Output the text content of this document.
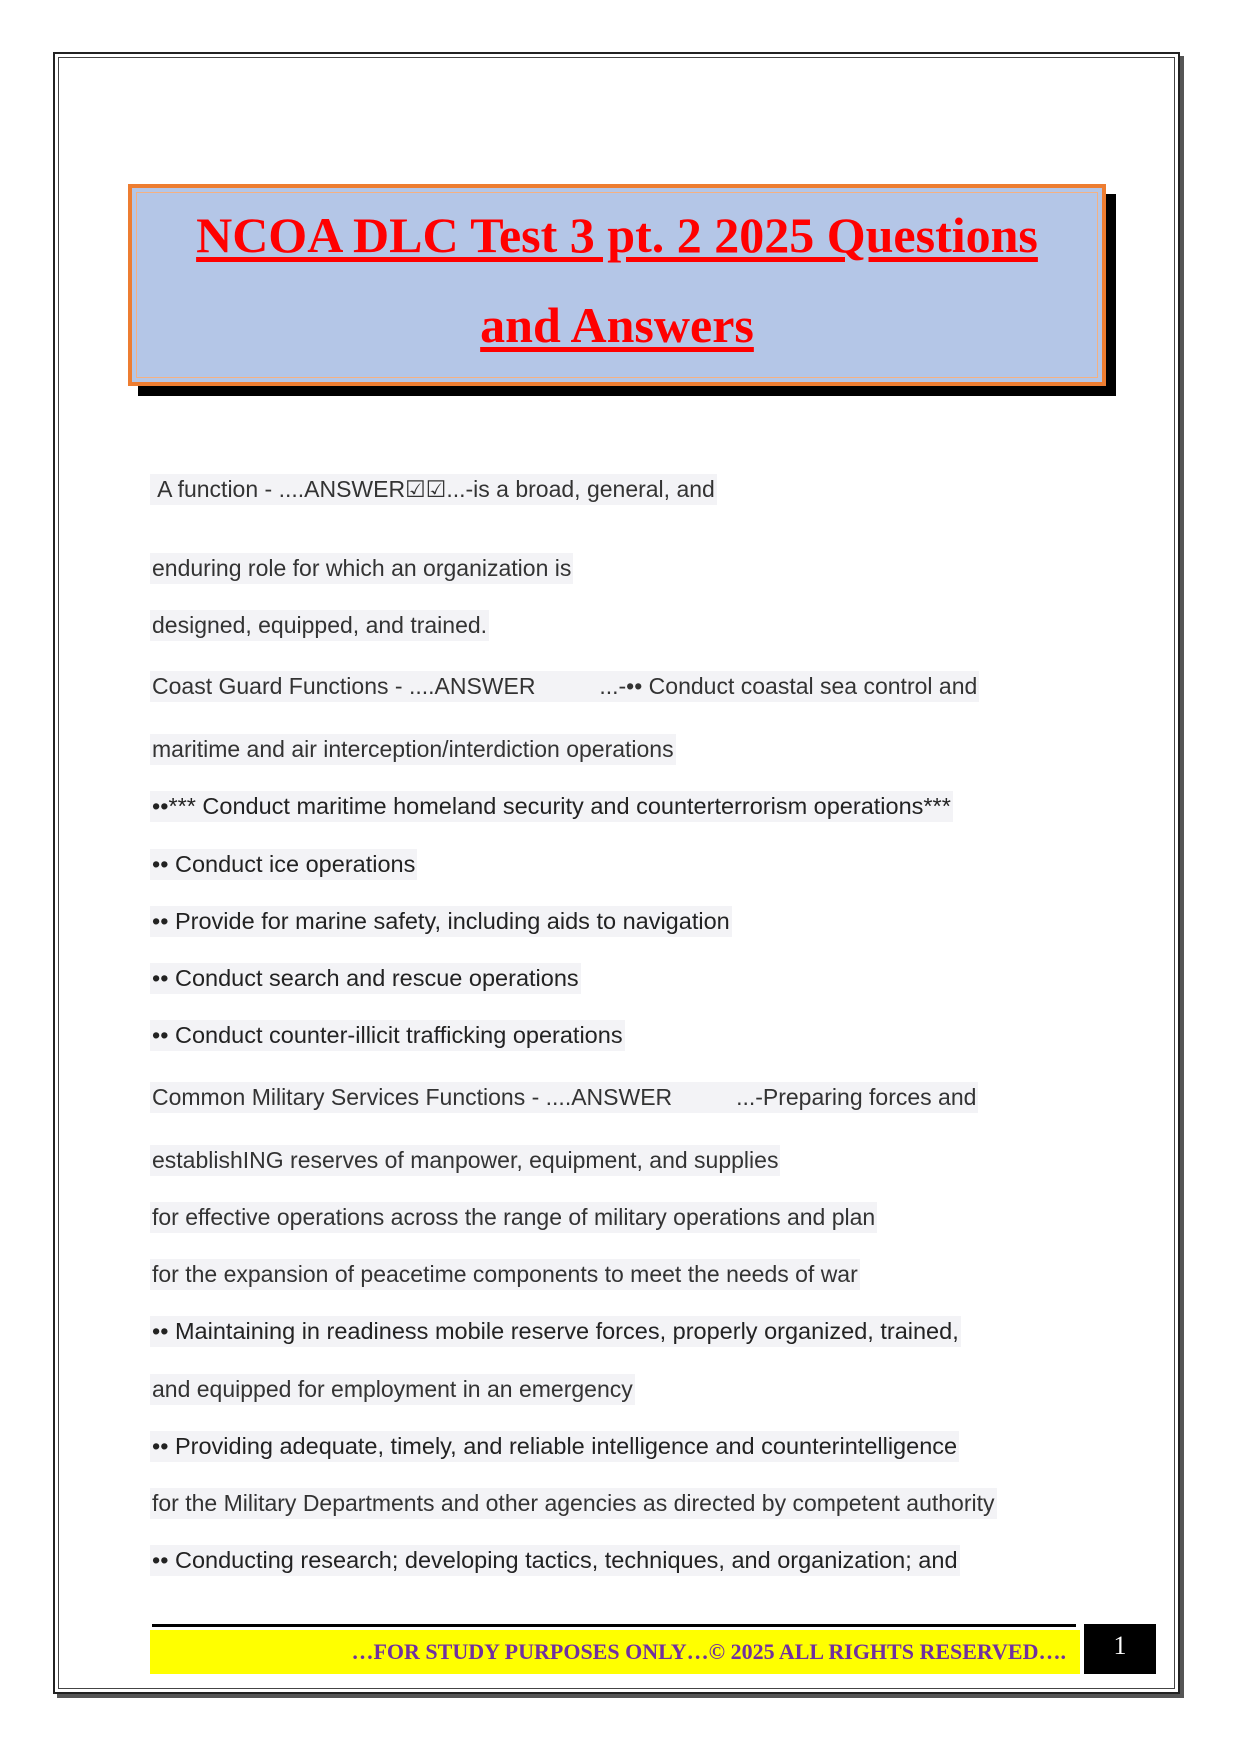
NCOA DLC Test 3 pt. 2 2025 Questions
and Answers
A function - ....ANSWER☑☑...-is a broad, general, and
enduring role for which an organization is
designed, equipped, and trained.
Coast Guard Functions - ....ANSWER          ...-•• Conduct coastal sea control and
maritime and air interception/interdiction operations
••*** Conduct maritime homeland security and counterterrorism operations***
•• Conduct ice operations
•• Provide for marine safety, including aids to navigation
•• Conduct search and rescue operations
•• Conduct counter-illicit trafficking operations
Common Military Services Functions - ....ANSWER          ...-Preparing forces and
establishING reserves of manpower, equipment, and supplies
for effective operations across the range of military operations and plan
for the expansion of peacetime components to meet the needs of war
•• Maintaining in readiness mobile reserve forces, properly organized, trained,
and equipped for employment in an emergency
•• Providing adequate, timely, and reliable intelligence and counterintelligence
for the Military Departments and other agencies as directed by competent authority
•• Conducting research; developing tactics, techniques, and organization; and
…FOR STUDY PURPOSES ONLY…© 2025 ALL RIGHTS RESERVED….	1
